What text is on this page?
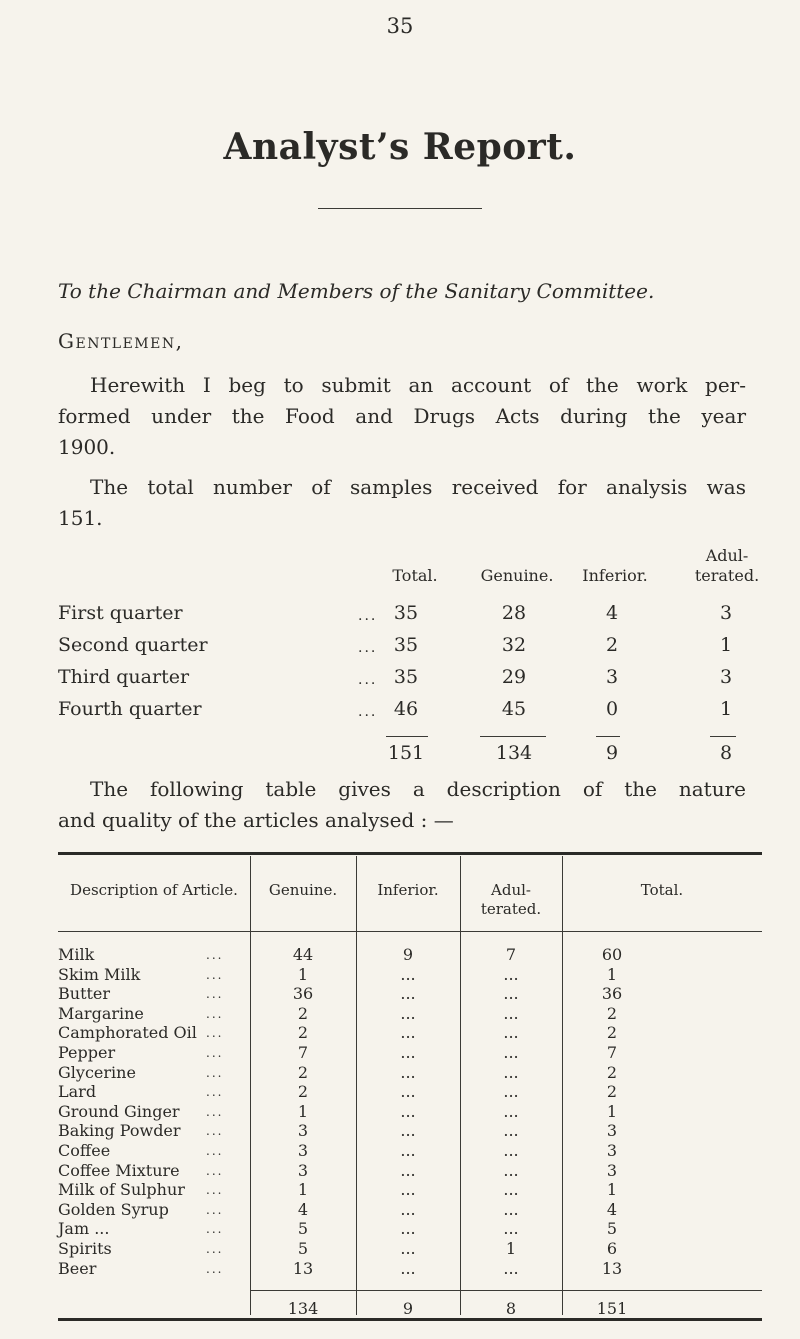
35
Analyst’s Report.
To the Chairman and Members of the Sanitary Committee.
Gentlemen,
Herewith I beg to submit an account of the work per-
formed under the Food and Drugs Acts during the year
1900.
The total number of samples received for analysis was
151.
Total.	Genuine.	Inferior.
Adul-
terated.
First quarter	... 35	28	4	3
Second quarter	... 35	32	2	1
Third quarter	... 35	29	3	3
Fourth quarter	... 46	45	0	1
151	134	9	8
The following table gives a description of the nature
and quality of the articles analysed : —
Description of Article.	Genuine.	Inferior.	Adul-
terated.
Total.
Milk	...	44	9	7	60
Skim Milk	...	1	...	...	1
Butter	...	36	...	...	36
Margarine	...	2	...	...	2
Camphorated Oil ...	2	...	...	2
Pepper	...	7	...	...	7
Glycerine	...	2	...	...	2
Lard	...	2	...	...	2
Ground Ginger ...	1	...	...	1
Baking Powder ...	3	...	...	3
Coffee	...	3	...	...	3
Coffee Mixture ...	3	...	...	3
Milk of Sulphur ...	1	...	...	1
Golden Syrup	...	4	...	...	4
Jam ...	...	5	...	...	5
Spirits	...	5	...	1	6
Beer	...	13	...	...	13
134	9	8	151
